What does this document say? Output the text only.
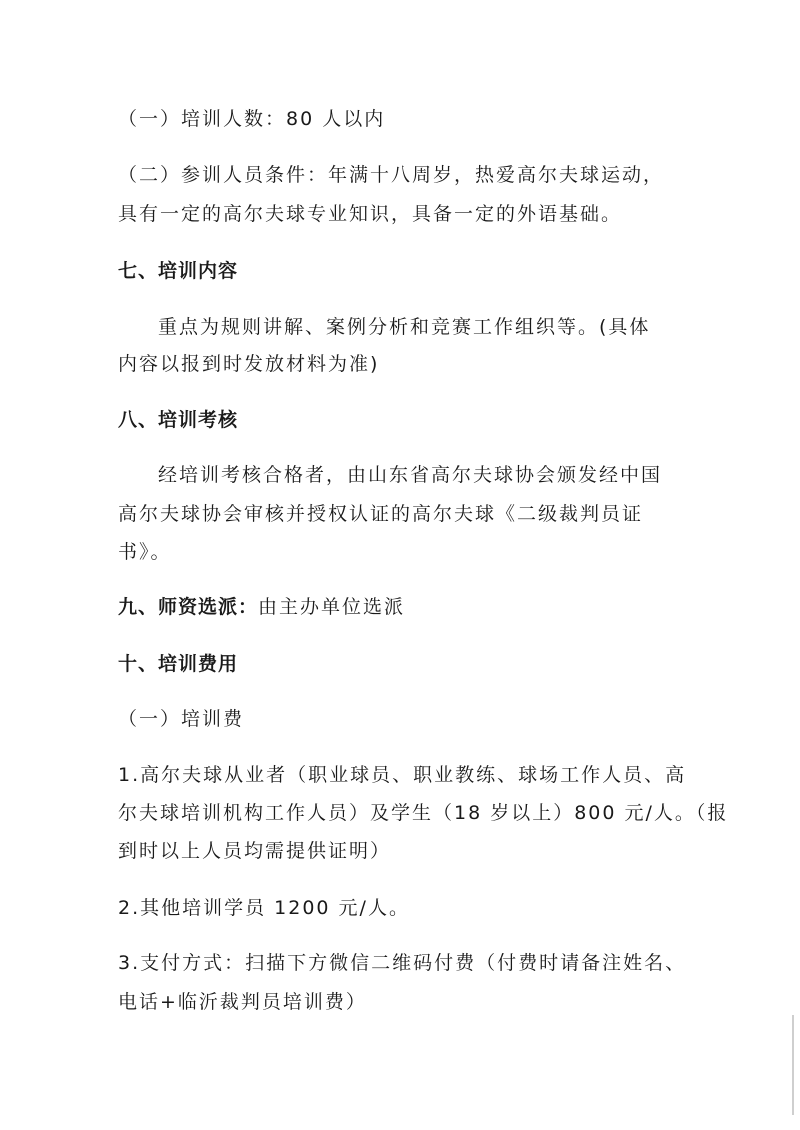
（一）培训人数：80 人以内
（二）参训人员条件：年满十八周岁，热爱高尔夫球运动，
具有一定的高尔夫球专业知识，具备一定的外语基础。
七、培训内容
重点为规则讲解、案例分析和竞赛工作组织等。(具体
内容以报到时发放材料为准)
八、培训考核
经培训考核合格者，由山东省高尔夫球协会颁发经中国
高尔夫球协会审核并授权认证的高尔夫球《二级裁判员证
书》。
九、师资选派：由主办单位选派
十、培训费用
（一）培训费
1.高尔夫球从业者（职业球员、职业教练、球场工作人员、高
尔夫球培训机构工作人员）及学生（18 岁以上）800 元/人。（报
到时以上人员均需提供证明）
2.其他培训学员 1200 元/人。
3.支付方式：扫描下方微信二维码付费（付费时请备注姓名、
电话+临沂裁判员培训费）
